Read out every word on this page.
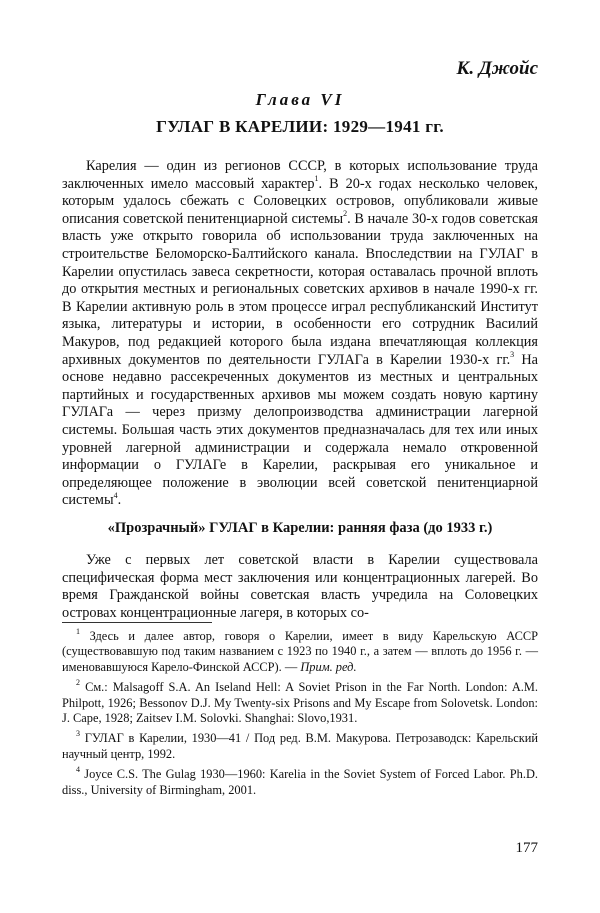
К. Джойс
Глава VI
ГУЛАГ В КАРЕЛИИ: 1929—1941 гг.

Карелия — один из регионов СССР, в которых использование труда заключенных имело массовый характер$^1$. В 20-х годах несколько человек, которым удалось сбежать с Соловецких островов, опубликовали живые описания советской пенитенциарной системы$^2$. В начале 30-х годов советская власть уже открыто говорила об использовании труда заключенных на строительстве Беломорско-Балтийского канала. Впоследствии на ГУЛАГ в Карелии опустилась завеса секретности, которая оставалась прочной вплоть до открытия местных и региональных советских архивов в начале 1990-х гг. В Карелии активную роль в этом процессе играл республиканский Институт языка, литературы и истории, в особенности его сотрудник Василий Макуров, под редакцией которого была издана впечатляющая коллекция архивных документов по деятельности ГУЛАГа в Карелии 1930-х гг.$^3$ На основе недавно рассекреченных документов из местных и центральных партийных и государственных архивов мы можем создать новую картину ГУЛАГа — через призму делопроизводства администрации лагерной системы. Большая часть этих документов предназначалась для тех или иных уровней лагерной администрации и содержала немало откровенной информации о ГУЛАГе в Карелии, раскрывая его уникальное и определяющее положение в эволюции всей советской пенитенциарной системы$^4$.

«Прозрачный» ГУЛАГ в Карелии: ранняя фаза (до 1933 г.)

Уже с первых лет советской власти в Карелии существовала специфическая форма мест заключения или концентрационных лагерей. Во время Гражданской войны советская власть учредила на Соловецких островах концентрационные лагеря, в которых со-

$^1$ Здесь и далее автор, говоря о Карелии, имеет в виду Карельскую АССР (существовавшую под таким названием с 1923 по 1940 г., а затем — вплоть до 1956 г. — именовавшуюся Карело-Финской АССР). — Прим. ред.

$^2$ См.: Malsagoff S.A. An Iseland Hell: A Soviet Prison in the Far North. London: A.M. Philpott, 1926; Bessonov D.J. My Twenty-six Prisons and My Escape from Solovetsk. London: J. Cape, 1928; Zaitsev I.M. Solovki. Shanghai: Slovo,1931.

$^3$ ГУЛАГ в Карелии, 1930—41 / Под ред. В.М. Макурова. Петрозаводск: Карельский научный центр, 1992.

$^4$ Joyce C.S. The Gulag 1930—1960: Karelia in the Soviet System of Forced Labor. Ph.D. diss., University of Birmingham, 2001.

177
